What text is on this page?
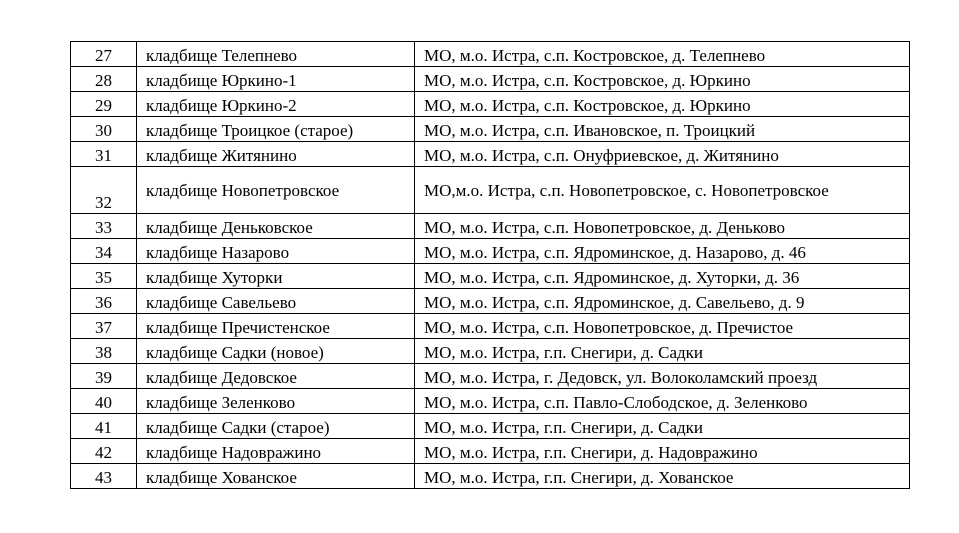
27	кладбище Телепнево	МО, м.о. Истра, с.п. Костровское, д. Телепнево
28	кладбище Юркино-1	МО, м.о. Истра, с.п. Костровское, д. Юркино
29	кладбище Юркино-2	МО, м.о. Истра, с.п. Костровское, д. Юркино
30	кладбище Троицкое (старое)	МО, м.о. Истра, с.п. Ивановское, п. Троицкий
31	кладбище Житянино	МО, м.о. Истра, с.п. Онуфриевское, д. Житянино
32	кладбище Новопетровское	МО,м.о. Истра, с.п. Новопетровское, с. Новопетровское
33	кладбище Деньковское	МО, м.о. Истра, с.п. Новопетровское, д. Деньково
34	кладбище Назарово	МО, м.о. Истра, с.п. Ядроминское, д. Назарово, д. 46
35	кладбище Хуторки	МО, м.о. Истра, с.п. Ядроминское, д. Хуторки, д. 36
36	кладбище Савельево	МО, м.о. Истра, с.п. Ядроминское, д. Савельево, д. 9
37	кладбище Пречистенское	МО, м.о. Истра, с.п. Новопетровское, д. Пречистое
38	кладбище Садки (новое)	МО, м.о. Истра, г.п. Снегири, д. Садки
39	кладбище Дедовское	МО, м.о. Истра, г. Дедовск, ул. Волоколамский проезд
40	кладбище Зеленково	МО, м.о. Истра, с.п. Павло-Слободское, д. Зеленково
41	кладбище Садки (старое)	МО, м.о. Истра, г.п. Снегири, д. Садки
42	кладбище Надовражино	МО, м.о. Истра, г.п. Снегири, д. Надовражино
43	кладбище Хованское	МО, м.о. Истра, г.п. Снегири, д. Хованское
